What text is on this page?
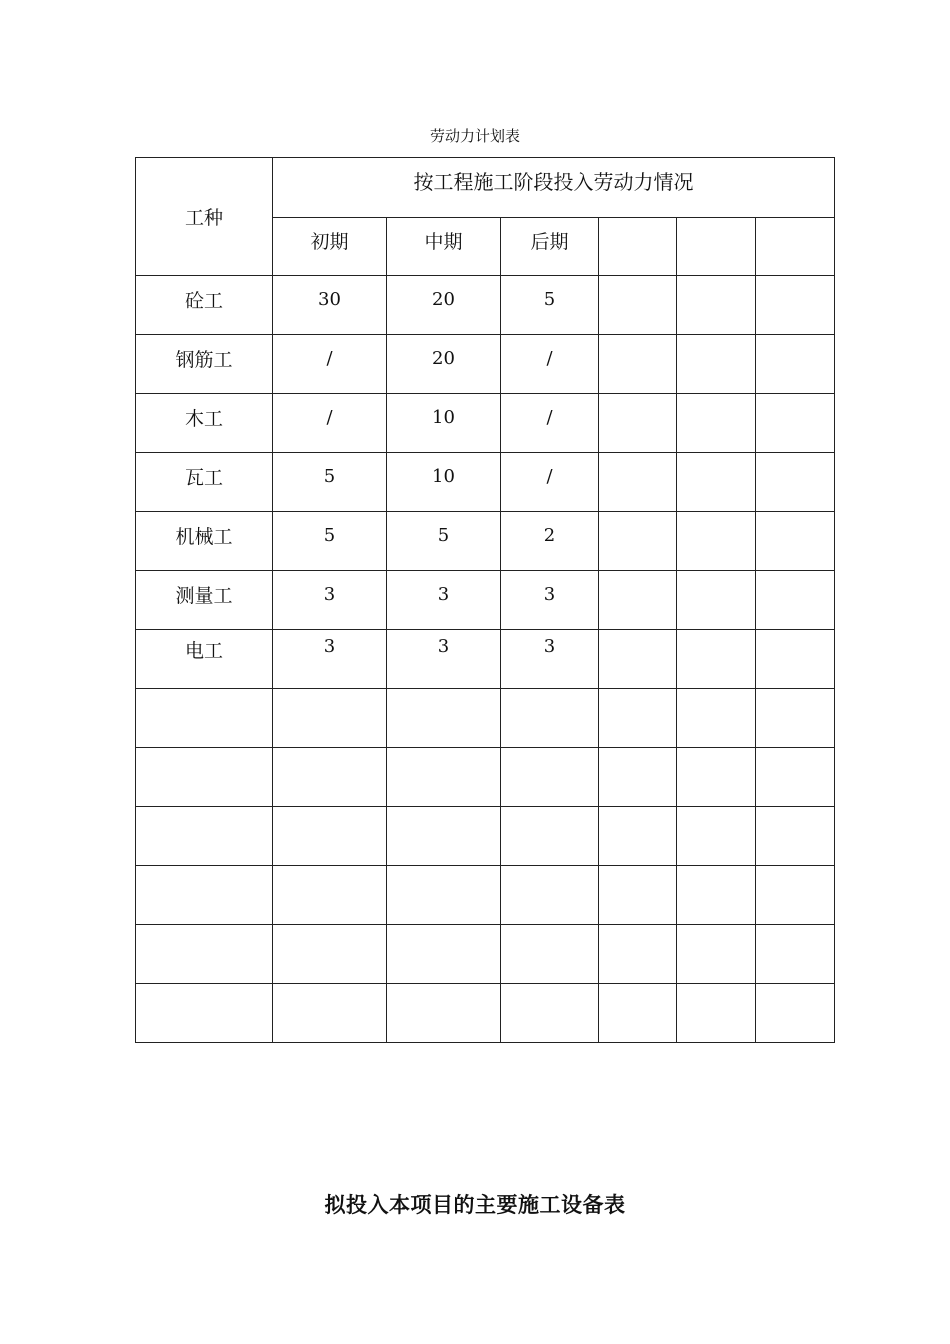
劳动力计划表
工种	按工程施工阶段投入劳动力情况					
	初期	中期	后期			
砼工	30	20	5			
钢筋工	/	20	/			
木工	/	10	/			
瓦工	5	10	/			
机械工	5	5	2			
测量工	3	3	3			
电工	3	3	3			

拟投入本项目的主要施工设备表
